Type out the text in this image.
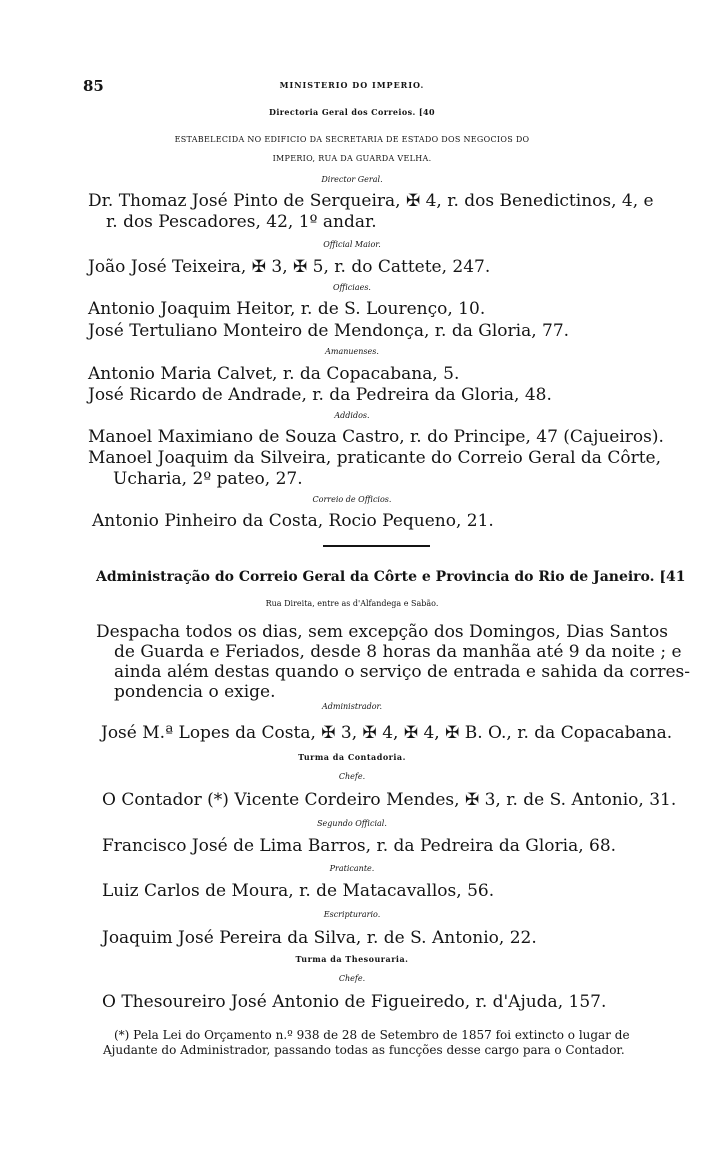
85	MINISTERIO DO IMPERIO.
Directoria Geral dos Correios. [40
ESTABELECIDA NO EDIFICIO DA SECRETARIA DE ESTADO DOS NEGOCIOS DO
IMPERIO, RUA DA GUARDA VELHA.
Director Geral.
Dr. Thomaz José Pinto de Serqueira, ✠ 4, r. dos Benedictinos, 4, e
r. dos Pescadores, 42, 1º andar.
Official Maior.
João José Teixeira, ✠ 3, ✠ 5, r. do Cattete, 247.
Officiaes.
Antonio Joaquim Heitor, r. de S. Lourenço, 10.
José Tertuliano Monteiro de Mendonça, r. da Gloria, 77.
Amanuenses.
Antonio Maria Calvet, r. da Copacabana, 5.
José Ricardo de Andrade, r. da Pedreira da Gloria, 48.
Addidos.
Manoel Maximiano de Souza Castro, r. do Principe, 47 (Cajueiros).
Manoel Joaquim da Silveira, praticante do Correio Geral da Côrte,
Ucharia, 2º pateo, 27.
Correio de Officios.
Antonio Pinheiro da Costa, Rocio Pequeno, 21.
Administração do Correio Geral da Côrte e Provincia do Rio de Janeiro. [41
Rua Direita, entre as d'Alfandega e Sabão.
Despacha todos os dias, sem excepção dos Domingos, Dias Santos
de Guarda e Feriados, desde 8 horas da manhãa até 9 da noite ; e
ainda além destas quando o serviço de entrada e sahida da corres-
pondencia o exige.
Administrador.
José M.ª Lopes da Costa, ✠ 3, ✠ 4, ✠ 4, ✠ B. O., r. da Copacabana.
Turma da Contadoria.
Chefe.
O Contador (*) Vicente Cordeiro Mendes, ✠ 3, r. de S. Antonio, 31.
Segundo Official.
Francisco José de Lima Barros, r. da Pedreira da Gloria, 68.
Praticante.
Luiz Carlos de Moura, r. de Matacavallos, 56.
Escripturario.
Joaquim José Pereira da Silva, r. de S. Antonio, 22.
Turma da Thesouraria.
Chefe.
O Thesoureiro José Antonio de Figueiredo, r. d'Ajuda, 157.
(*) Pela Lei do Orçamento n.º 938 de 28 de Setembro de 1857 foi extincto o lugar de
Ajudante do Administrador, passando todas as funcções desse cargo para o Contador.
